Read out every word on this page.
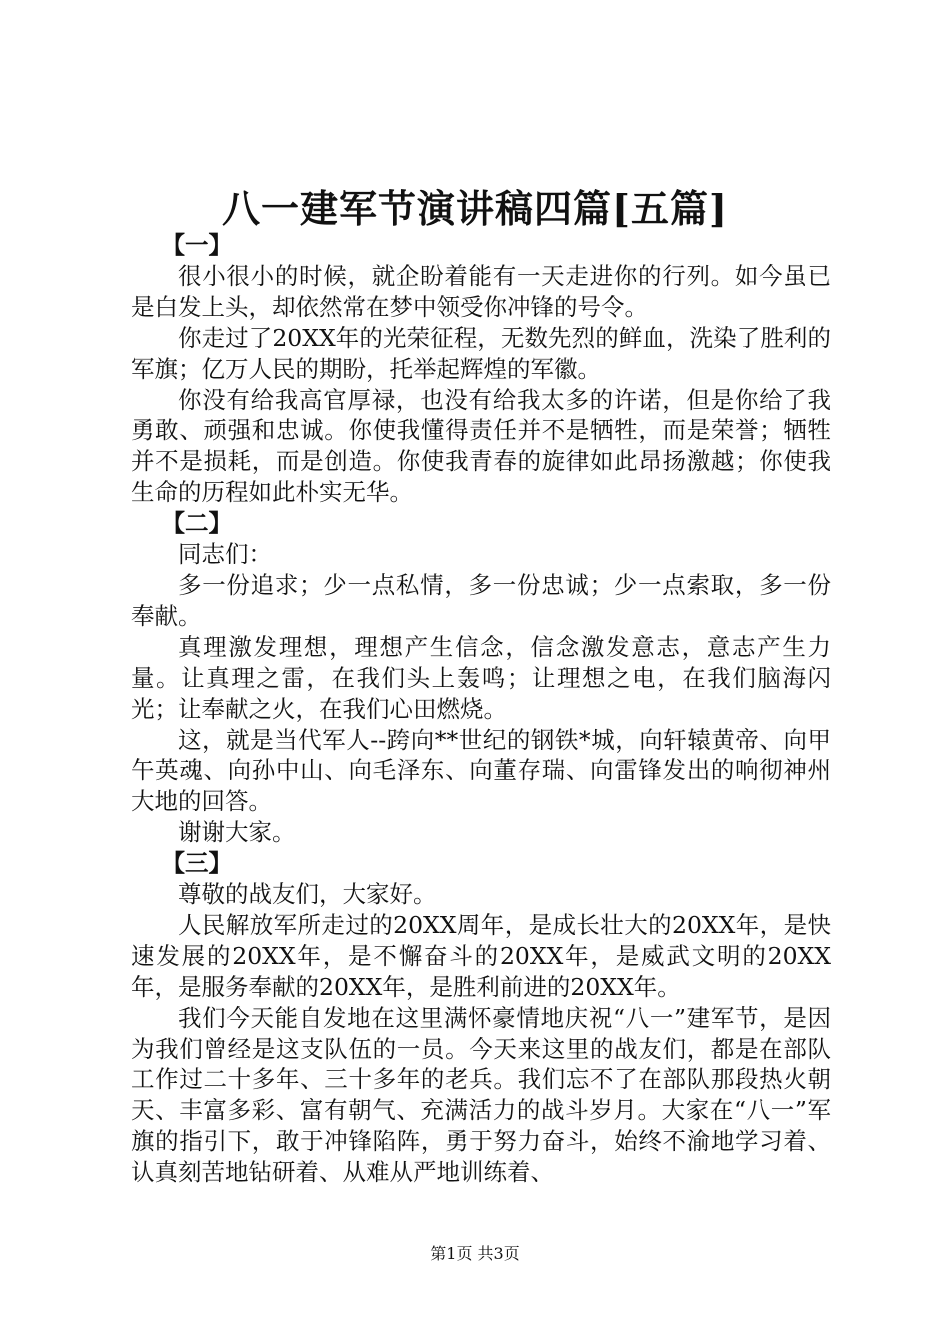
八一建军节演讲稿四篇[五篇]

【一】

很小很小的时候，就企盼着能有一天走进你的行列。如今虽已是白发上头，却依然常在梦中领受你冲锋的号令。

你走过了20XX年的光荣征程，无数先烈的鲜血，洗染了胜利的军旗；亿万人民的期盼，托举起辉煌的军徽。

你没有给我高官厚禄，也没有给我太多的许诺，但是你给了我勇敢、顽强和忠诚。你使我懂得责任并不是牺牲，而是荣誉；牺牲并不是损耗，而是创造。你使我青春的旋律如此昂扬激越；你使我生命的历程如此朴实无华。

【二】

同志们：

多一份追求；少一点私情，多一份忠诚；少一点索取，多一份奉献。

真理激发理想，理想产生信念，信念激发意志，意志产生力量。让真理之雷，在我们头上轰鸣；让理想之电，在我们脑海闪光；让奉献之火，在我们心田燃烧。

这，就是当代军人--跨向**世纪的钢铁*城，向轩辕黄帝、向甲午英魂、向孙中山、向毛泽东、向董存瑞、向雷锋发出的响彻神州大地的回答。

谢谢大家。

【三】

尊敬的战友们，大家好。

人民解放军所走过的20XX周年，是成长壮大的20XX年，是快速发展的20XX年，是不懈奋斗的20XX年，是威武文明的20XX年，是服务奉献的20XX年，是胜利前进的20XX年。

我们今天能自发地在这里满怀豪情地庆祝“八一”建军节，是因为我们曾经是这支队伍的一员。今天来这里的战友们，都是在部队工作过二十多年、三十多年的老兵。我们忘不了在部队那段热火朝天、丰富多彩、富有朝气、充满活力的战斗岁月。大家在“八一”军旗的指引下，敢于冲锋陷阵，勇于努力奋斗，始终不渝地学习着、认真刻苦地钻研着、从难从严地训练着、

第1页 共3页
